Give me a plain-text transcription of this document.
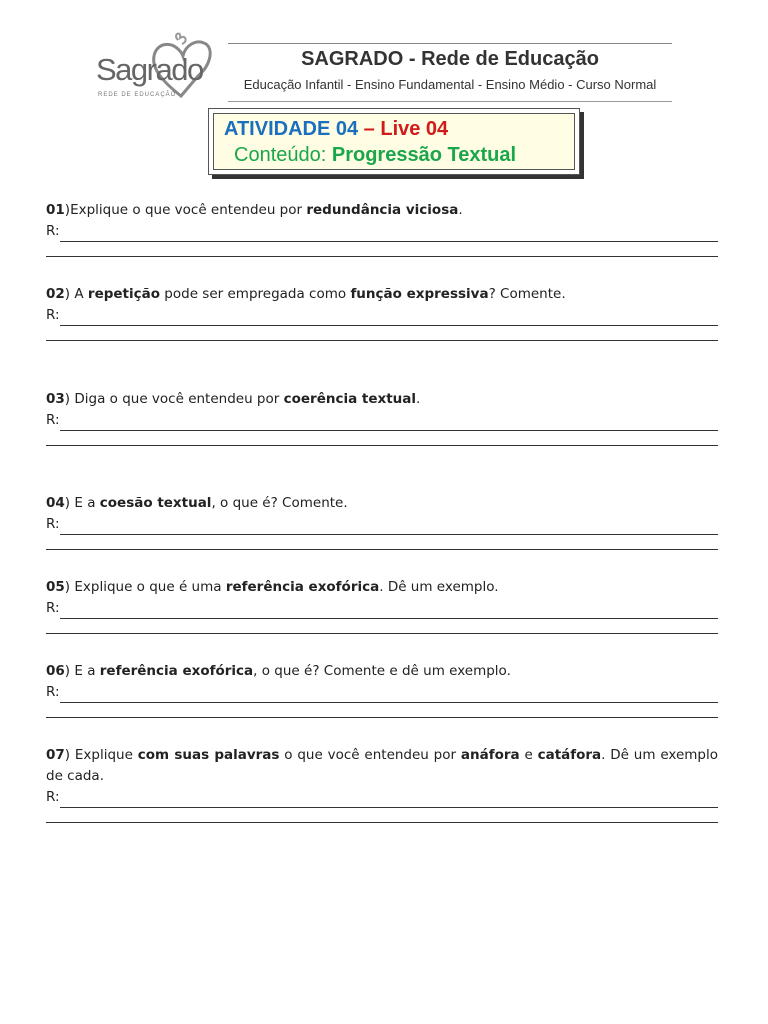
Sagrado
REDE DE EDUCAÇÃO
SAGRADO - Rede de Educação
Educação Infantil - Ensino Fundamental - Ensino Médio - Curso Normal
ATIVIDADE 04 – Live 04
Conteúdo: Progressão Textual
01)Explique o que você entendeu por redundância viciosa.
R:
02) A repetição pode ser empregada como função expressiva? Comente.
R:
03) Diga o que você entendeu por coerência textual.
R:
04) E a coesão textual, o que é? Comente.
R:
05) Explique o que é uma referência exofórica. Dê um exemplo.
R:
06) E a referência exofórica, o que é? Comente e dê um exemplo.
R:
07) Explique com suas palavras o que você entendeu por anáfora e catáfora. Dê um exemplo de cada.
R:
